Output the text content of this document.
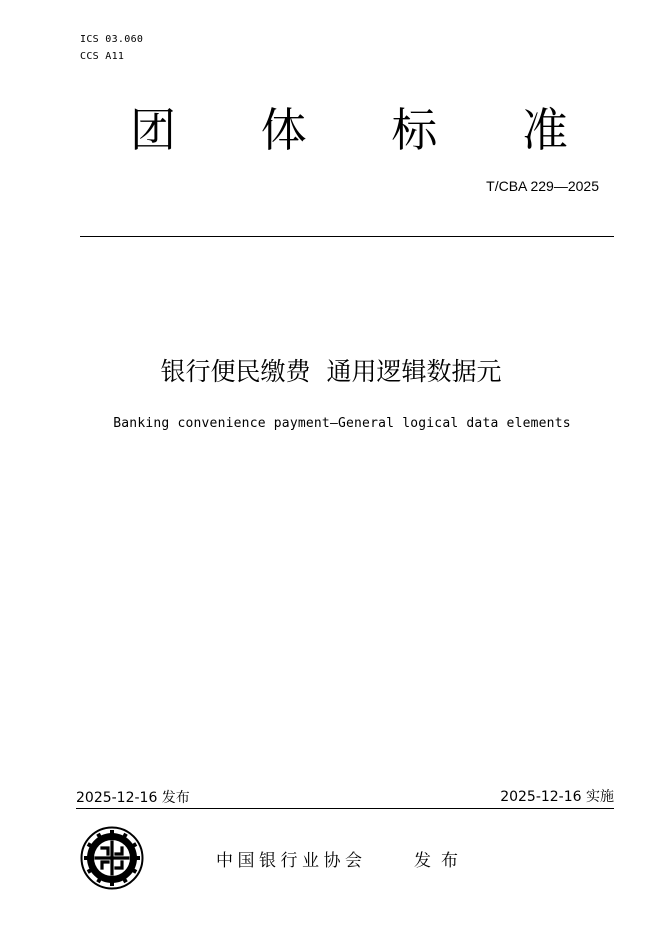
ICS 03.060
CCS A11
团 体 标 准
T/CBA 229—2025
银行便民缴费  通用逻辑数据元
Banking convenience payment—General logical data elements
2025-12-16 发布	2025-12-16 实施
中国银行业协会	发布
